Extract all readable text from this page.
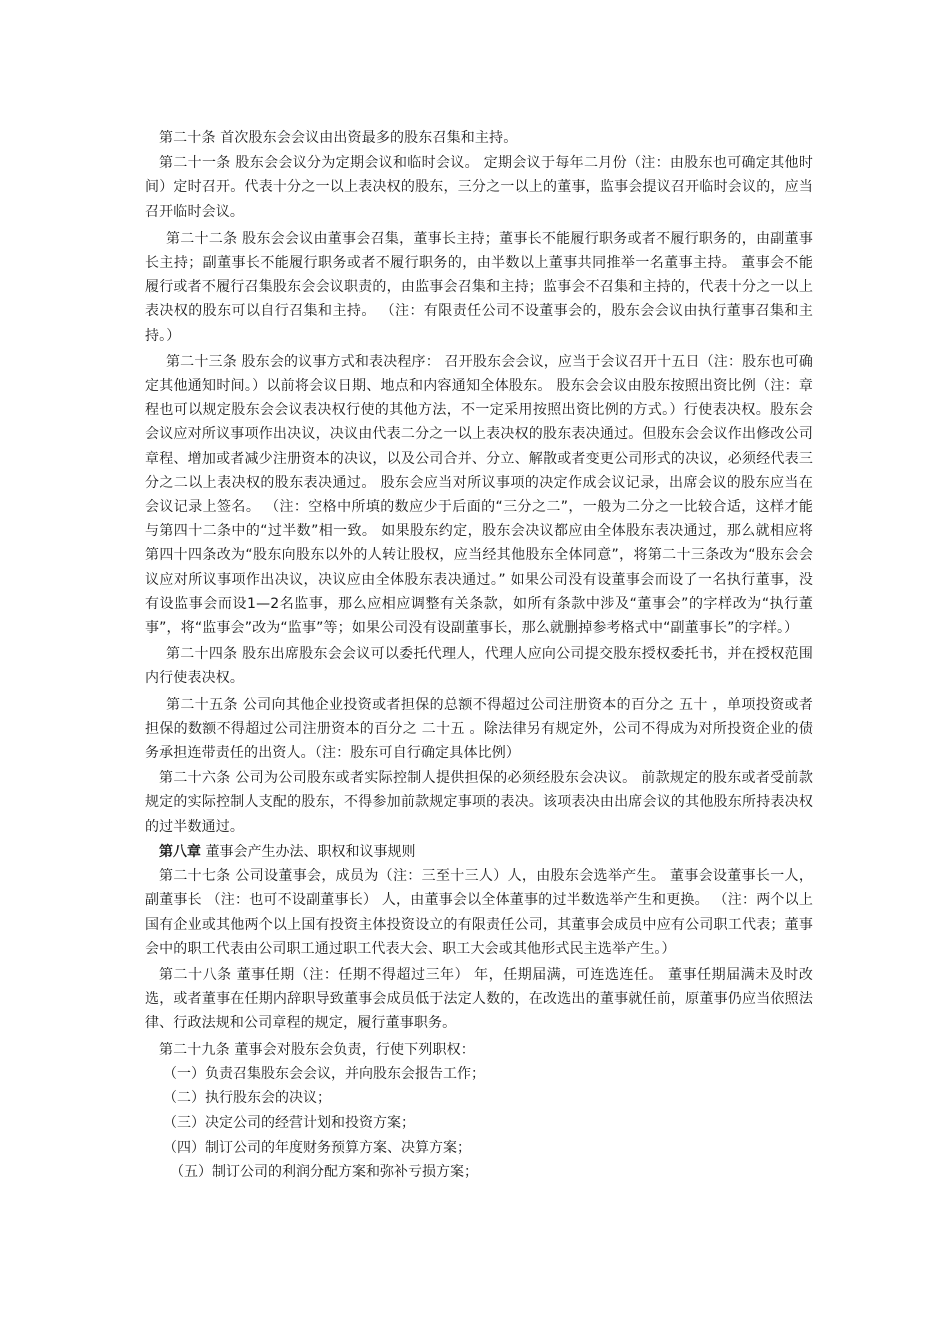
第二十条 首次股东会会议由出资最多的股东召集和主持。

第二十一条 股东会会议分为定期会议和临时会议。 定期会议于每年二月份（注：由股东也可确定其他时间）定时召开。代表十分之一以上表决权的股东，三分之一以上的董事，监事会提议召开临时会议的，应当召开临时会议。

第二十二条 股东会会议由董事会召集，董事长主持；董事长不能履行职务或者不履行职务的，由副董事长主持；副董事长不能履行职务或者不履行职务的，由半数以上董事共同推举一名董事主持。 董事会不能履行或者不履行召集股东会会议职责的，由监事会召集和主持；监事会不召集和主持的，代表十分之一以上表决权的股东可以自行召集和主持。 （注：有限责任公司不设董事会的，股东会会议由执行董事召集和主持。）

第二十三条 股东会的议事方式和表决程序： 召开股东会会议，应当于会议召开十五日（注：股东也可确定其他通知时间。）以前将会议日期、地点和内容通知全体股东。 股东会会议由股东按照出资比例（注：章程也可以规定股东会会议表决权行使的其他方法，不一定采用按照出资比例的方式。）行使表决权。股东会会议应对所议事项作出决议，决议由代表二分之一以上表决权的股东表决通过。但股东会会议作出修改公司章程、增加或者减少注册资本的决议，以及公司合并、分立、解散或者变更公司形式的决议，必须经代表三分之二以上表决权的股东表决通过。 股东会应当对所议事项的决定作成会议记录，出席会议的股东应当在会议记录上签名。 （注：空格中所填的数应少于后面的“三分之二”，一般为二分之一比较合适，这样才能与第四十二条中的“过半数”相一致。 如果股东约定，股东会决议都应由全体股东表决通过，那么就相应将第四十四条改为“股东向股东以外的人转让股权，应当经其他股东全体同意”，将第二十三条改为“股东会会议应对所议事项作出决议，决议应由全体股东表决通过。” 如果公司没有设董事会而设了一名执行董事，没有设监事会而设1—2名监事，那么应相应调整有关条款，如所有条款中涉及“董事会”的字样改为“执行董事”，将“监事会”改为“监事”等；如果公司没有设副董事长，那么就删掉参考格式中“副董事长”的字样。）

第二十四条 股东出席股东会会议可以委托代理人，代理人应向公司提交股东授权委托书，并在授权范围内行使表决权。

第二十五条 公司向其他企业投资或者担保的总额不得超过公司注册资本的百分之 五十 ，单项投资或者担保的数额不得超过公司注册资本的百分之 二十五 。除法律另有规定外，公司不得成为对所投资企业的债务承担连带责任的出资人。（注：股东可自行确定具体比例）

第二十六条 公司为公司股东或者实际控制人提供担保的必须经股东会决议。 前款规定的股东或者受前款规定的实际控制人支配的股东，不得参加前款规定事项的表决。该项表决由出席会议的其他股东所持表决权的过半数通过。

第八章 董事会产生办法、职权和议事规则

第二十七条 公司设董事会，成员为（注：三至十三人）人，由股东会选举产生。 董事会设董事长一人，副董事长 （注：也可不设副董事长） 人，由董事会以全体董事的过半数选举产生和更换。 （注：两个以上国有企业或其他两个以上国有投资主体投资设立的有限责任公司，其董事会成员中应有公司职工代表；董事会中的职工代表由公司职工通过职工代表大会、职工大会或其他形式民主选举产生。）

第二十八条 董事任期（注：任期不得超过三年） 年，任期届满，可连选连任。 董事任期届满未及时改选，或者董事在任期内辞职导致董事会成员低于法定人数的，在改选出的董事就任前，原董事仍应当依照法律、行政法规和公司章程的规定，履行董事职务。

第二十九条 董事会对股东会负责，行使下列职权：

（一）负责召集股东会会议，并向股东会报告工作；

（二）执行股东会的决议；

（三）决定公司的经营计划和投资方案；

（四）制订公司的年度财务预算方案、决算方案；

（五）制订公司的利润分配方案和弥补亏损方案；
